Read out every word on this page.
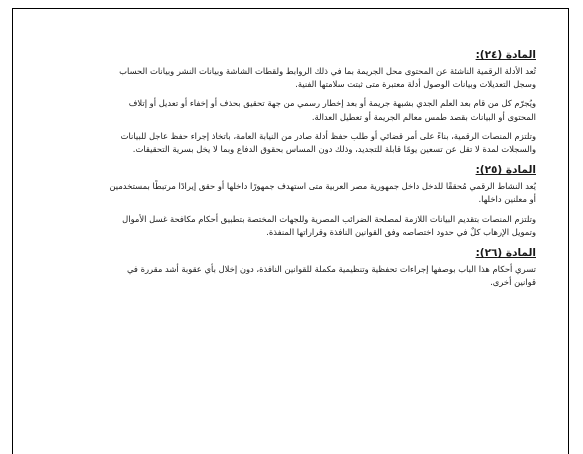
المادة (٢٤):

تُعد الأدلة الرقمية الناشئة عن المحتوى محل الجريمة بما في ذلك الروابط ولقطات الشاشة وبيانات النشر وبيانات الحساب
وسجل التعديلات وبيانات الوصول أدلة معتبرة متى ثبتت سلامتها الفنية.

ويُجرّم كل من قام بعد العلم الجدي بشبهة جريمة أو بعد إخطار رسمي من جهة تحقيق بحذف أو إخفاء أو تعديل أو إتلاف
المحتوى أو البيانات بقصد طمس معالم الجريمة أو تعطيل العدالة.

وتلتزم المنصات الرقمية، بناءً على أمر قضائي أو طلب حفظ أدلة صادر من النيابة العامة، باتخاذ إجراء حفظ عاجل للبيانات
والسجلات لمدة لا تقل عن تسعين يومًا قابلة للتجديد، وذلك دون المساس بحقوق الدفاع وبما لا يخل بسرية التحقيقات.

المادة (٢٥):

يُعد النشاط الرقمي مُحققًا للدخل داخل جمهورية مصر العربية متى استهدف جمهورًا داخلها أو حقق إيرادًا مرتبطًا بمستخدمين
أو معلنين داخلها.

وتلتزم المنصات بتقديم البيانات اللازمة لمصلحة الضرائب المصرية وللجهات المختصة بتطبيق أحكام مكافحة غسل الأموال
وتمويل الإرهاب كلٌ في حدود اختصاصه وفق القوانين النافذة وقراراتها المنفذة.

المادة (٢٦):

تسري أحكام هذا الباب بوصفها إجراءات تحفظية وتنظيمية مكملة للقوانين النافذة، دون إخلال بأي عقوبة أشد مقررة في
قوانين أخرى.
